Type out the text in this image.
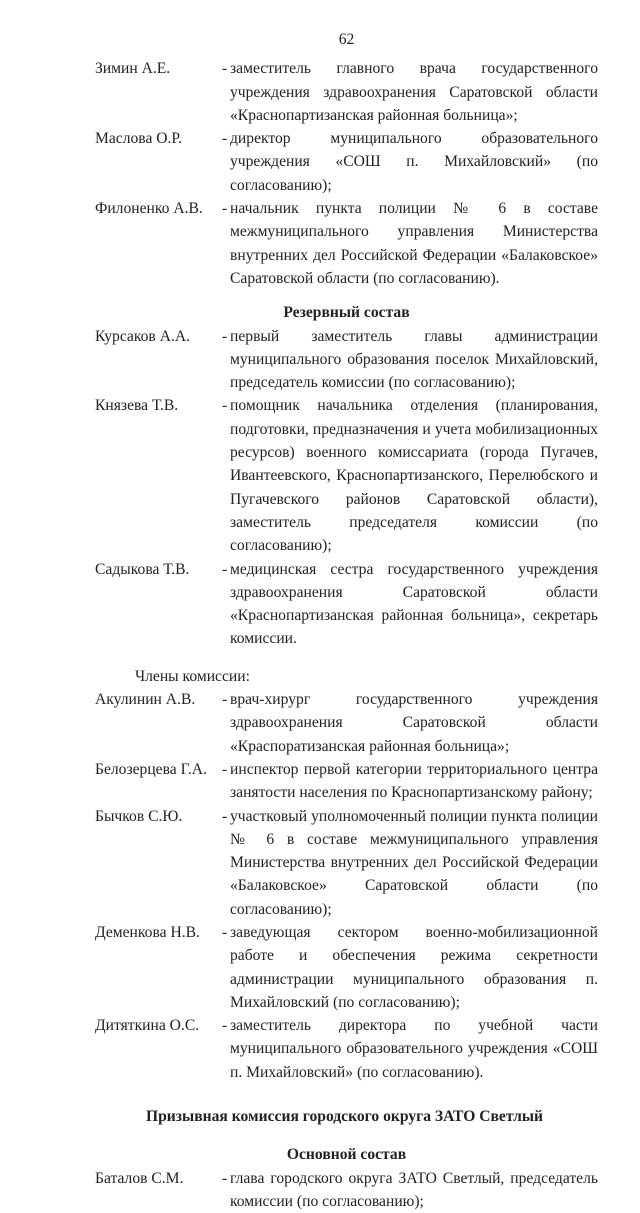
62
Зимин А.Е.	- заместитель главного врача государственного учреждения здравоохранения Саратовской области «Краснопартизанская районная больница»;
Маслова О.Р.	- директор муниципального образовательного учреждения «СОШ п. Михайловский» (по согласованию);
Филоненко А.В.	- начальник пункта полиции № 6 в составе межмуниципального управления Министерства внутренних дел Российской Федерации «Балаковское» Саратовской области (по согласованию).
Резервный состав
Курсаков А.А.	- первый заместитель главы администрации муниципального образования поселок Михайловский, председатель комиссии (по согласованию);
Князева Т.В.	- помощник начальника отделения (планирования, подготовки, предназначения и учета мобилизационных ресурсов) военного комиссариата (города Пугачев, Ивантеевского, Краснопартизанского, Перелюбского и Пугачевского районов Саратовской области), заместитель председателя комиссии (по согласованию);
Садыкова Т.В.	- медицинская сестра государственного учреждения здравоохранения Саратовской области «Краснопартизанская районная больница», секретарь комиссии.
Члены комиссии:
Акулинин А.В.	- врач-хирург государственного учреждения здравоохранения Саратовской области «Краспоратизанская районная больница»;
Белозерцева Г.А. - инспектор первой категории территориального центра занятости населения по Краснопартизанскому району;
Бычков С.Ю.	- участковый уполномоченный полиции пункта полиции № 6 в составе межмуниципального управления Министерства внутренних дел Российской Федерации «Балаковское» Саратовской области (по согласованию);
Деменкова Н.В.	- заведующая сектором военно-мобилизационной работе и обеспечения режима секретности администрации муниципального образования п. Михайловский (по согласованию);
Дитяткина О.С.	- заместитель директора по учебной части муниципального образовательного учреждения «СОШ п. Михайловский» (по согласованию).
Призывная комиссия городского округа ЗАТО Светлый
Основной состав
Баталов С.М.	- глава городского округа ЗАТО Светлый, председатель комиссии (по согласованию);
